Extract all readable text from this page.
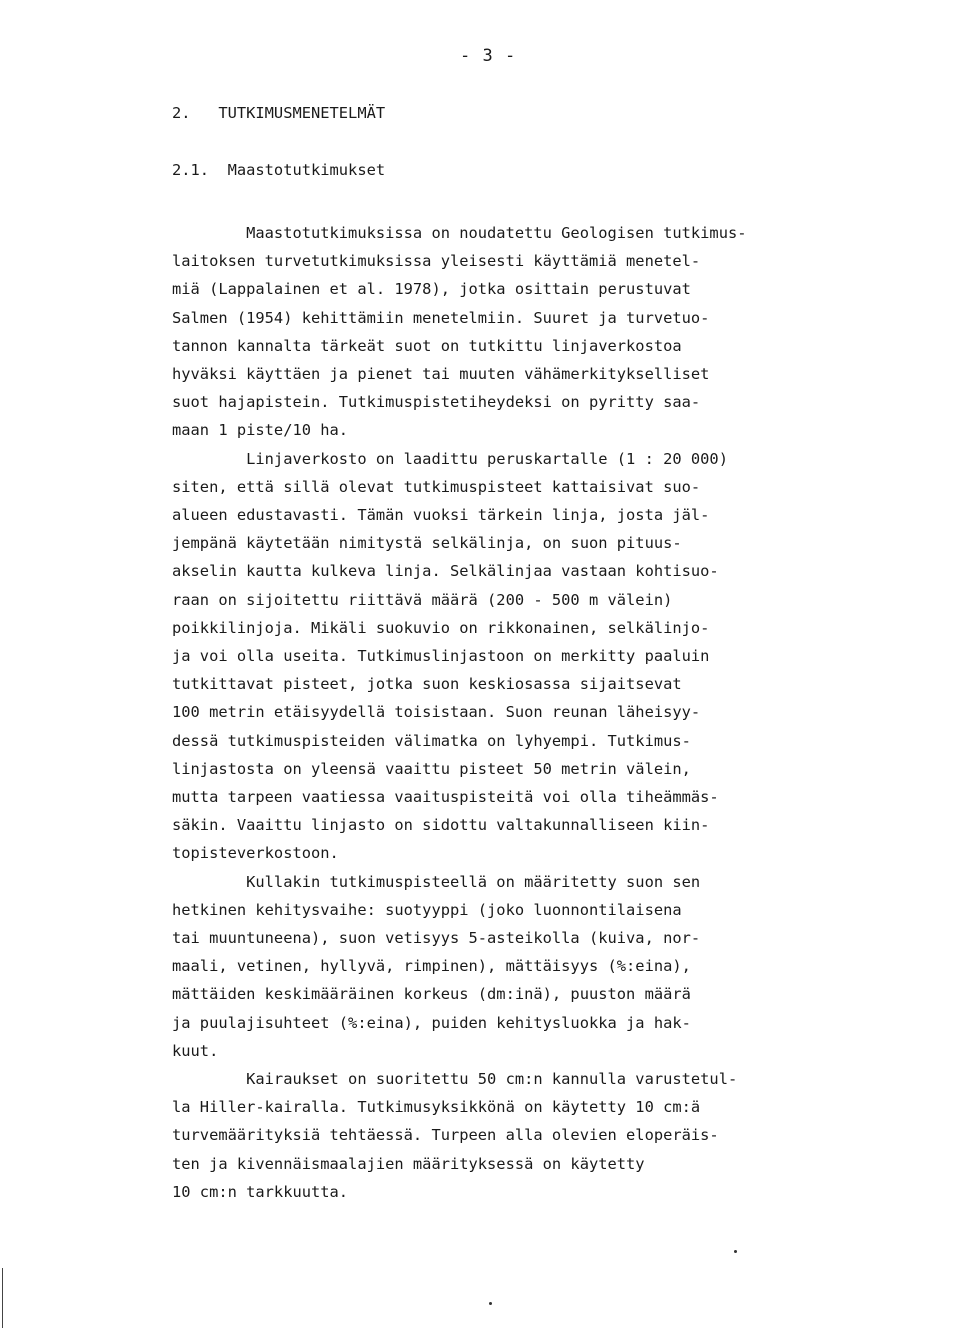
- 3 -
2.   TUTKIMUSMENETELMÄT
2.1.  Maastotutkimukset
Maastotutkimuksissa on noudatettu Geologisen tutkimus-
laitoksen turvetutkimuksissa yleisesti käyttämiä menetel-
miä (Lappalainen et al. 1978), jotka osittain perustuvat
Salmen (1954) kehittämiin menetelmiin. Suuret ja turvetuo-
tannon kannalta tärkeät suot on tutkittu linjaverkostoa
hyväksi käyttäen ja pienet tai muuten vähämerkitykselliset
suot hajapistein. Tutkimuspistetiheydeksi on pyritty saa-
maan 1 piste/10 ha.
Linjaverkosto on laadittu peruskartalle (1 : 20 000)
siten, että sillä olevat tutkimuspisteet kattaisivat suo-
alueen edustavasti. Tämän vuoksi tärkein linja, josta jäl-
jempänä käytetään nimitystä selkälinja, on suon pituus-
akselin kautta kulkeva linja. Selkälinjaa vastaan kohtisuo-
raan on sijoitettu riittävä määrä (200 - 500 m välein)
poikkilinjoja. Mikäli suokuvio on rikkonainen, selkälinjo-
ja voi olla useita. Tutkimuslinjastoon on merkitty paaluin
tutkittavat pisteet, jotka suon keskiosassa sijaitsevat
100 metrin etäisyydellä toisistaan. Suon reunan läheisyy-
dessä tutkimuspisteiden välimatka on lyhyempi. Tutkimus-
linjastosta on yleensä vaaittu pisteet 50 metrin välein,
mutta tarpeen vaatiessa vaaituspisteitä voi olla tiheämmäs-
säkin. Vaaittu linjasto on sidottu valtakunnalliseen kiin-
topisteverkostoon.
Kullakin tutkimuspisteellä on määritetty suon sen
hetkinen kehitysvaihe: suotyyppi (joko luonnontilaisena
tai muuntuneena), suon vetisyys 5-asteikolla (kuiva, nor-
maali, vetinen, hyllyvä, rimpinen), mättäisyys (%:eina),
mättäiden keskimääräinen korkeus (dm:inä), puuston määrä
ja puulajisuhteet (%:eina), puiden kehitysluokka ja hak-
kuut.
Kairaukset on suoritettu 50 cm:n kannulla varustetul-
la Hiller-kairalla. Tutkimusyksikkönä on käytetty 10 cm:ä
turvemäärityksiä tehtäessä. Turpeen alla olevien eloperäis-
ten ja kivennäismaalajien määrityksessä on käytetty
10 cm:n tarkkuutta.
